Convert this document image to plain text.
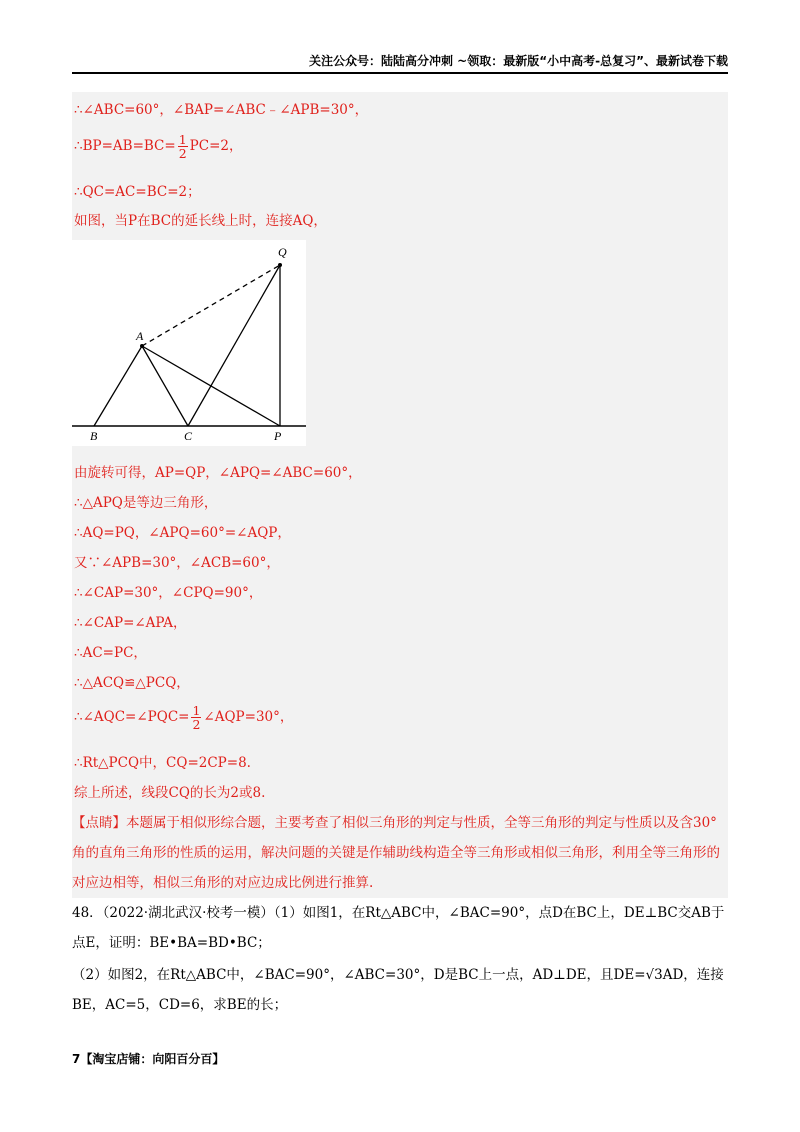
关注公众号：陆陆高分冲刺 ~领取：最新版“小中高考-总复习”、最新试卷下载
∴∠ABC=60°，∠BAP=∠ABC﹣∠APB=30°，
∴BP=AB=BC= $\frac{1}{2} PC=2$，
∴QC=AC=BC=2；
如图，当P在BC的延长线上时，连接AQ，
A
B	C	P
Q
由旋转可得，AP=QP，∠APQ=∠ABC=60°，
∴△APQ是等边三角形，
∴AQ=PQ，∠APQ=60°=∠AQP，
又∵∠APB=30°，∠ACB=60°，
∴∠CAP=30°，∠CPQ=90°，
∴∠CAP=∠APA，
∴AC=PC，
∴△ACQ≌△PCQ，
∴∠AQC=∠PQC= $\frac{1}{2}$ ∠AQP=30°，
∴Rt△PCQ中，CQ=2CP=8.
综上所述，线段CQ的长为2或8.
【点睛】本题属于相似形综合题，主要考查了相似三角形的判定与性质，全等三角形的判定与性质以及含30°角的直角三角形的性质的运用，解决问题的关键是作辅助线构造全等三角形或相似三角形，利用全等三角形的对应边相等，相似三角形的对应边成比例进行推算.
48．（2022·湖北武汉·校考一模）（1）如图1，在Rt△ABC中，∠BAC=90°，点D在BC上，DE⊥BC交AB于点E，证明：BE•BA=BD•BC；
（2）如图2，在Rt△ABC中，∠BAC=90°，∠ABC=30°，D是BC上一点，AD⊥DE，且DE=√3AD，连接BE，AC=5，CD=6，求BE的长；
7【淘宝店铺：向阳百分百】
